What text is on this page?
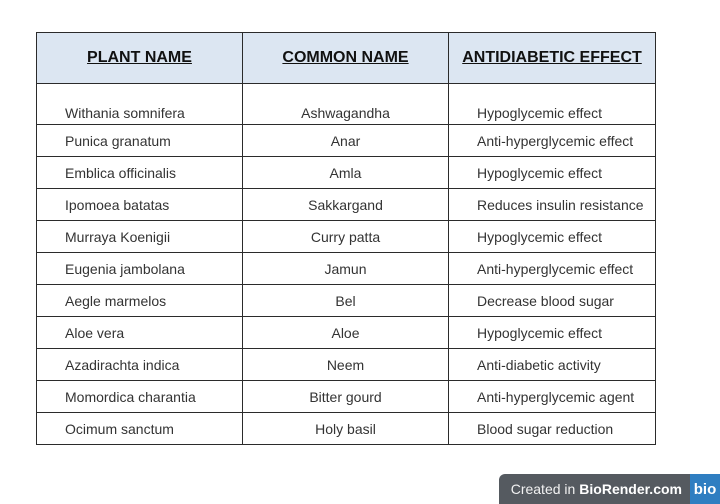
PLANT NAME	COMMON NAME	ANTIDIABETIC EFFECT
Withania somnifera	Ashwagandha	Hypoglycemic effect
Punica granatum	Anar	Anti-hyperglycemic effect
Emblica officinalis	Amla	Hypoglycemic effect
Ipomoea batatas	Sakkargand	Reduces insulin resistance
Murraya Koenigii	Curry patta	Hypoglycemic effect
Eugenia jambolana	Jamun	Anti-hyperglycemic effect
Aegle marmelos	Bel	Decrease blood sugar
Aloe vera	Aloe	Hypoglycemic effect
Azadirachta indica	Neem	Anti-diabetic activity
Momordica charantia	Bitter gourd	Anti-hyperglycemic agent
Ocimum sanctum	Holy basil	Blood sugar reduction
Created in BioRender.com bio
